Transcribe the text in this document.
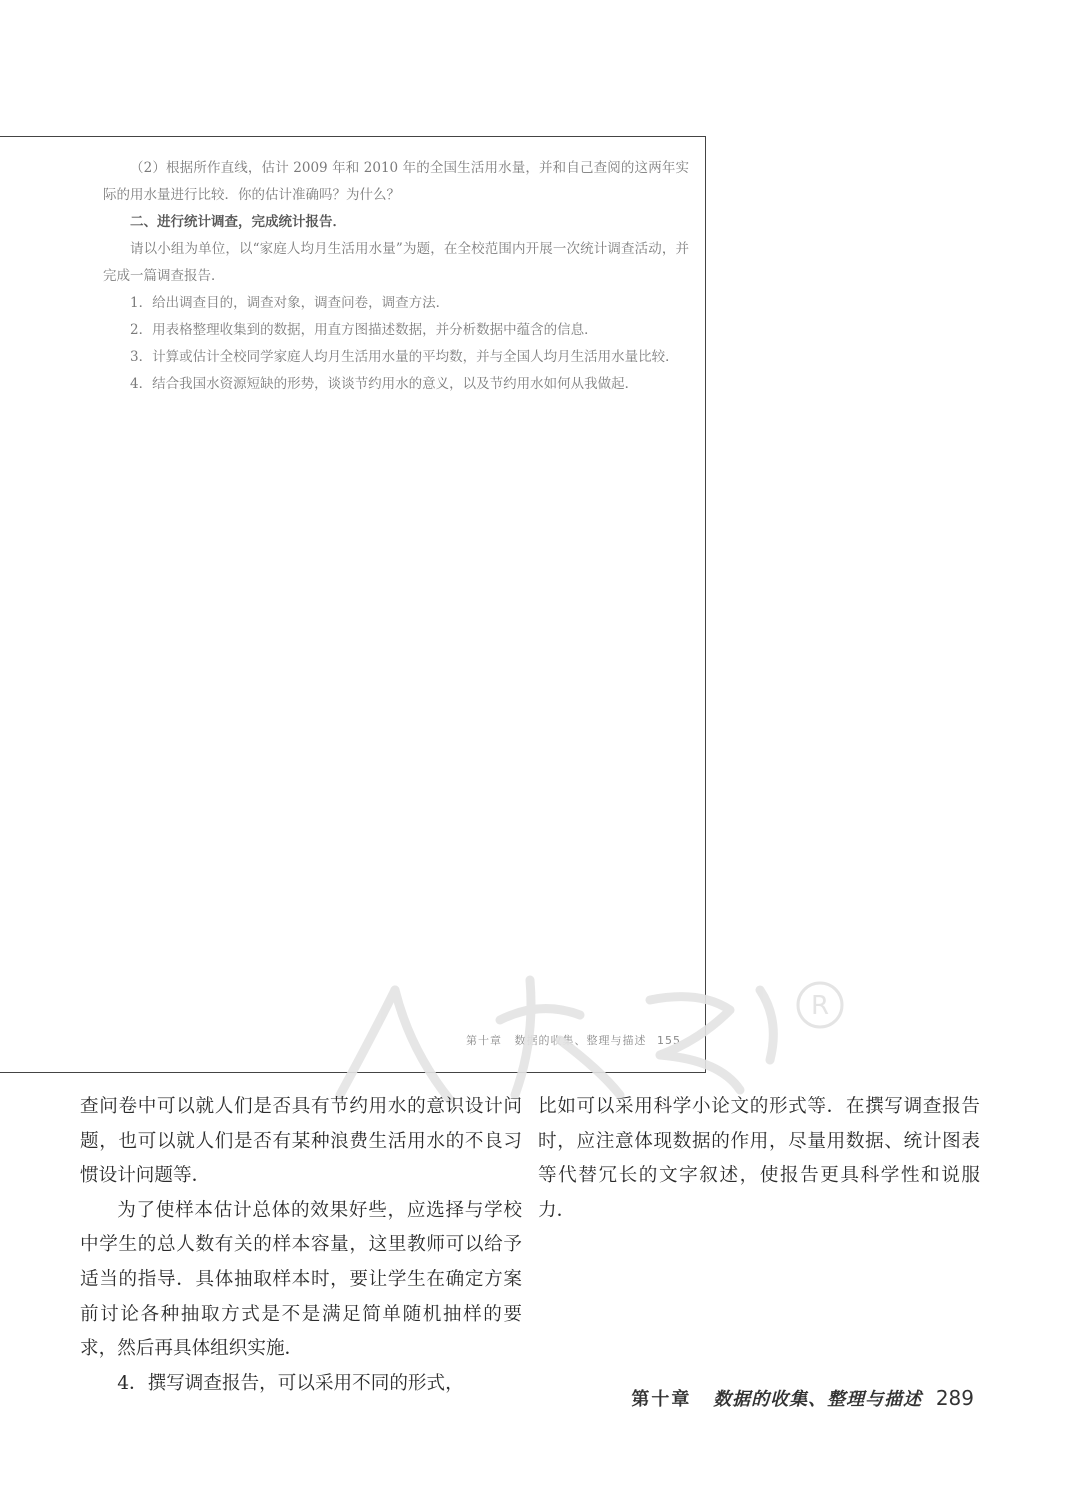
（2）根据所作直线，估计 2009 年和 2010 年的全国生活用水量，并和自己查阅的这两年实际的用水量进行比较．你的估计准确吗？为什么？

二、进行统计调查，完成统计报告．

请以小组为单位，以“家庭人均月生活用水量”为题，在全校范围内开展一次统计调查活动，并完成一篇调查报告．

1．给出调查目的，调查对象，调查问卷，调查方法．

2．用表格整理收集到的数据，用直方图描述数据，并分析数据中蕴含的信息．

3．计算或估计全校同学家庭人均月生活用水量的平均数，并与全国人均月生活用水量比较．

4．结合我国水资源短缺的形势，谈谈节约用水的意义，以及节约用水如何从我做起．

第十章 数据的收集、整理与描述 155
R

查问卷中可以就人们是否具有节约用水的意识设计问题，也可以就人们是否有某种浪费生活用水的不良习惯设计问题等．

为了使样本估计总体的效果好些，应选择与学校中学生的总人数有关的样本容量，这里教师可以给予适当的指导．具体抽取样本时，要让学生在确定方案前讨论各种抽取方式是不是满足简单随机抽样的要求，然后再具体组织实施．

4．撰写调查报告，可以采用不同的形式，

比如可以采用科学小论文的形式等．在撰写调查报告时，应注意体现数据的作用，尽量用数据、统计图表等代替冗长的文字叙述，使报告更具科学性和说服力．

第十章 数据的收集、整理与描述 289
